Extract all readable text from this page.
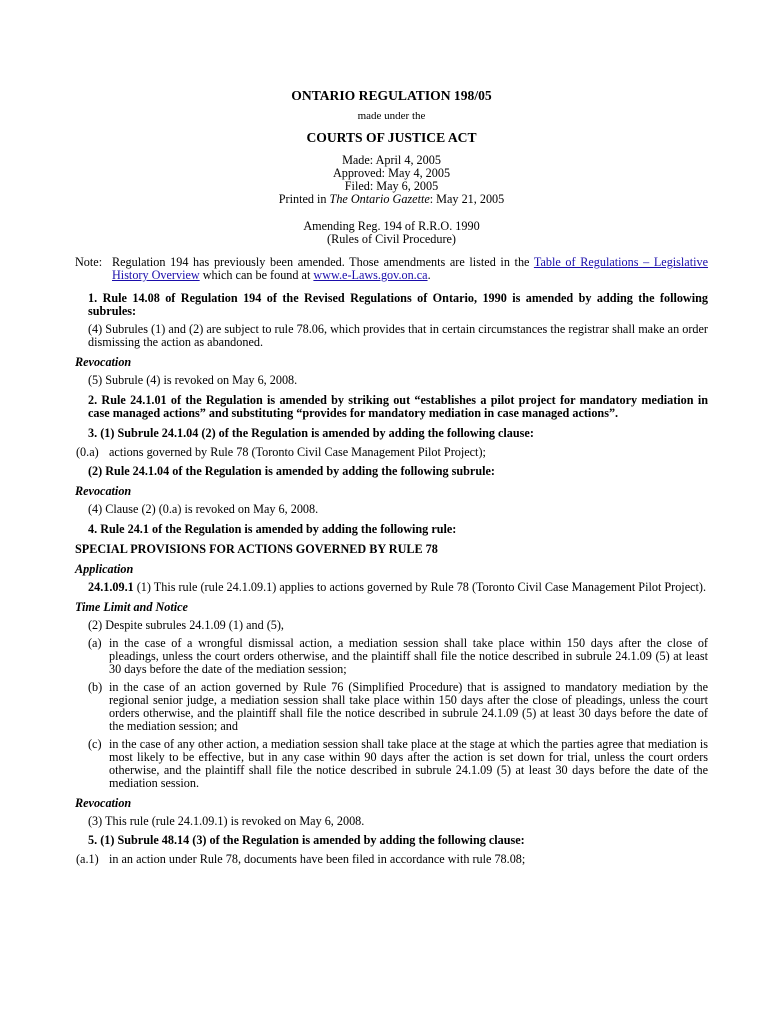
ONTARIO REGULATION 198/05

made under the

COURTS OF JUSTICE ACT

Made: April 4, 2005

Approved: May 4, 2005

Filed: May 6, 2005

Printed in The Ontario Gazette: May 21, 2005

Amending Reg. 194 of R.R.O. 1990

(Rules of Civil Procedure)

Note: Regulation 194 has previously been amended. Those amendments are listed in the Table of Regulations – Legislative History Overview which can be found at www.e-Laws.gov.on.ca.

1. Rule 14.08 of Regulation 194 of the Revised Regulations of Ontario, 1990 is amended by adding the following subrules:

(4) Subrules (1) and (2) are subject to rule 78.06, which provides that in certain circumstances the registrar shall make an order dismissing the action as abandoned.

Revocation

(5) Subrule (4) is revoked on May 6, 2008.

2. Rule 24.1.01 of the Regulation is amended by striking out “establishes a pilot project for mandatory mediation in case managed actions” and substituting “provides for mandatory mediation in case managed actions”.

3. (1) Subrule 24.1.04 (2) of the Regulation is amended by adding the following clause:

(0.a) actions governed by Rule 78 (Toronto Civil Case Management Pilot Project);

(2) Rule 24.1.04 of the Regulation is amended by adding the following subrule:

Revocation

(4) Clause (2) (0.a) is revoked on May 6, 2008.

4. Rule 24.1 of the Regulation is amended by adding the following rule:

SPECIAL PROVISIONS FOR ACTIONS GOVERNED BY RULE 78

Application

24.1.09.1 (1) This rule (rule 24.1.09.1) applies to actions governed by Rule 78 (Toronto Civil Case Management Pilot Project).

Time Limit and Notice

(2) Despite subrules 24.1.09 (1) and (5),

(a) in the case of a wrongful dismissal action, a mediation session shall take place within 150 days after the close of pleadings, unless the court orders otherwise, and the plaintiff shall file the notice described in subrule 24.1.09 (5) at least 30 days before the date of the mediation session;

(b) in the case of an action governed by Rule 76 (Simplified Procedure) that is assigned to mandatory mediation by the regional senior judge, a mediation session shall take place within 150 days after the close of pleadings, unless the court orders otherwise, and the plaintiff shall file the notice described in subrule 24.1.09 (5) at least 30 days before the date of the mediation session; and

(c) in the case of any other action, a mediation session shall take place at the stage at which the parties agree that mediation is most likely to be effective, but in any case within 90 days after the action is set down for trial, unless the court orders otherwise, and the plaintiff shall file the notice described in subrule 24.1.09 (5) at least 30 days before the date of the mediation session.

Revocation

(3) This rule (rule 24.1.09.1) is revoked on May 6, 2008.

5. (1) Subrule 48.14 (3) of the Regulation is amended by adding the following clause:

(a.1) in an action under Rule 78, documents have been filed in accordance with rule 78.08;
